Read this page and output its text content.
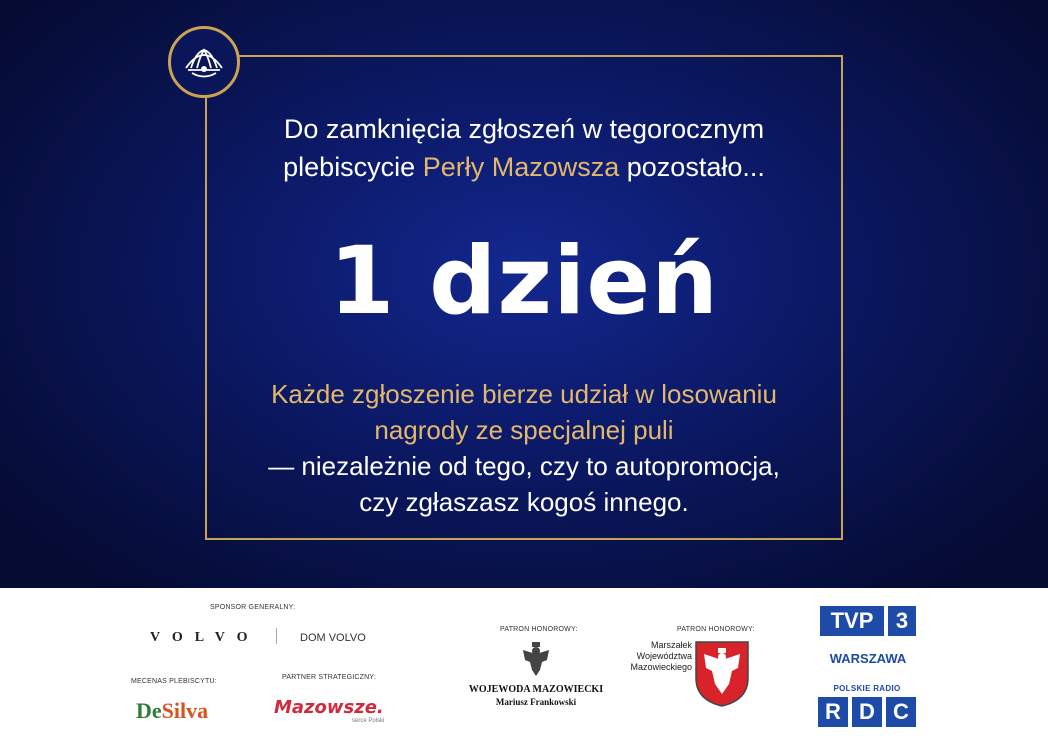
Do zamknięcia zgłoszeń w tegorocznym
plebiscycie Perły Mazowsza pozostało...
1 dzień
Każde zgłoszenie bierze udział w losowaniu
nagrody ze specjalnej puli
— niezależnie od tego, czy to autopromocja,
czy zgłaszasz kogoś innego.
SPONSOR GENERALNY:
VOLVO	DOM VOLVO
MECENAS PLEBISCYTU:
DeSilva
PARTNER STRATEGICZNY:
Mazowsze.
serce Polski
PATRON HONOROWY:
WOJEWODA MAZOWIECKI
Mariusz Frankowski
PATRON HONOROWY:
Marszałek
Województwa
Mazowieckiego
TVP	3
WARSZAWA
POLSKIE RADIO
R D C
